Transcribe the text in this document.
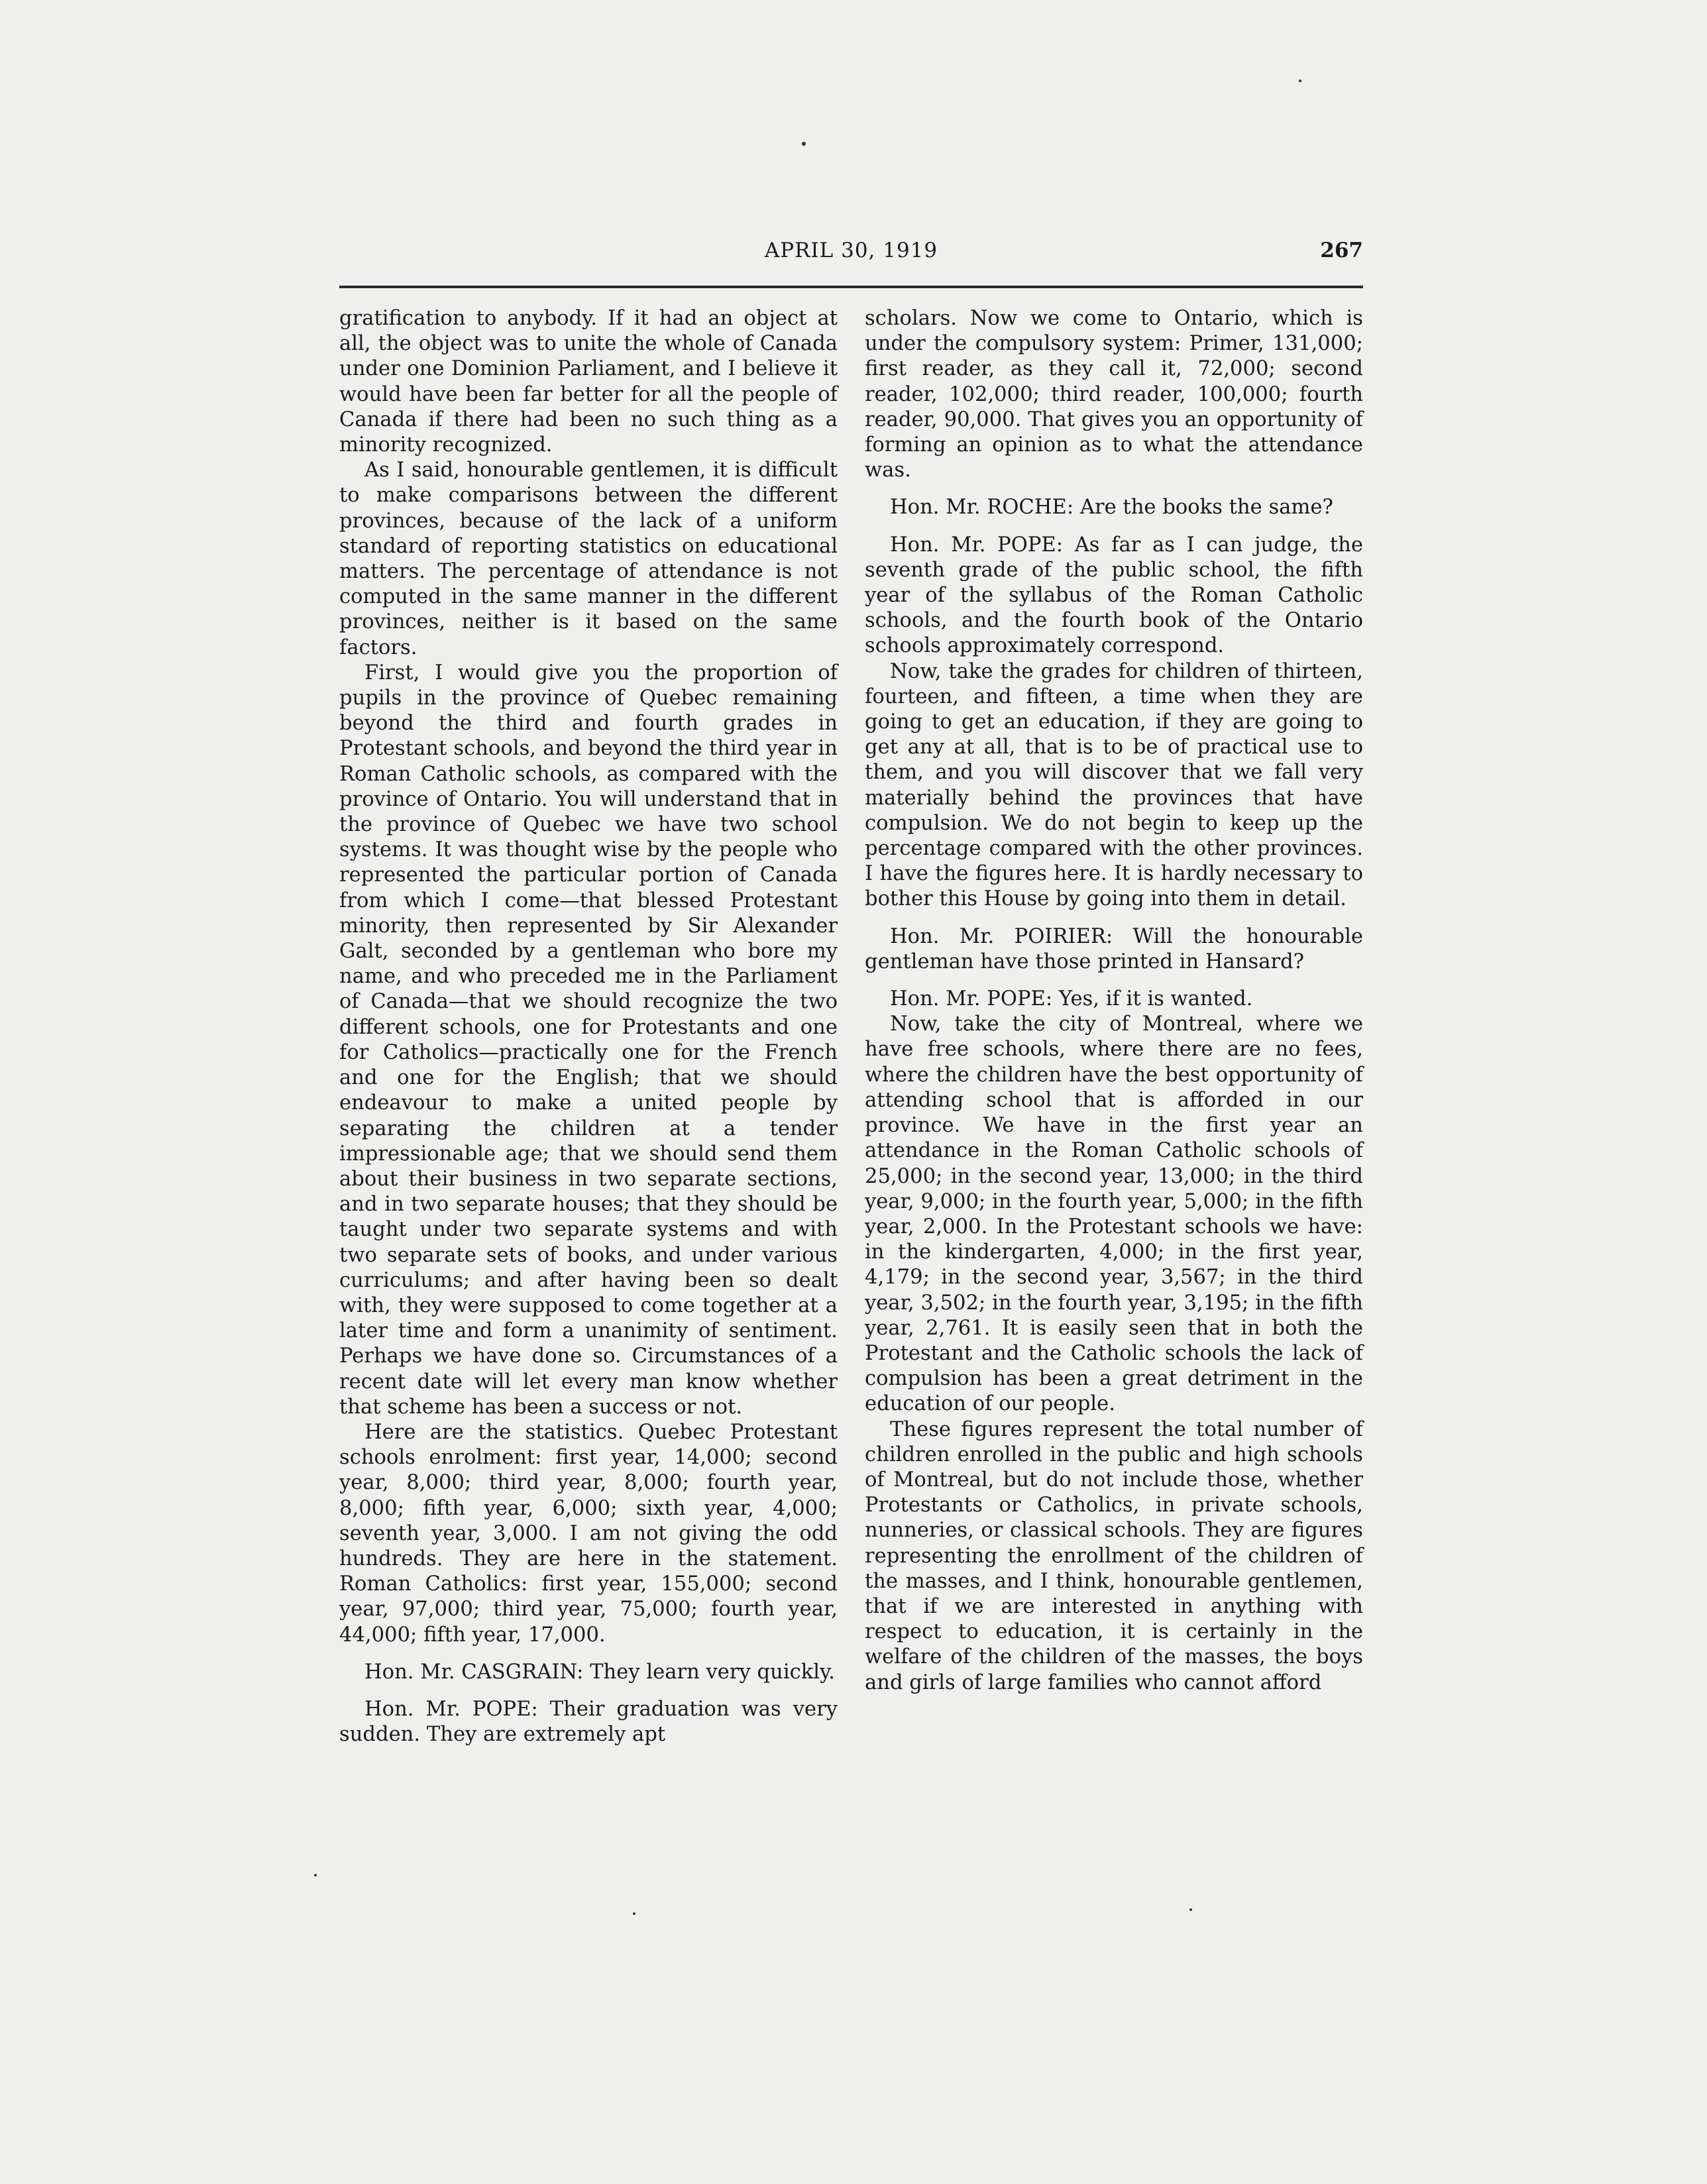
APRIL 30, 1919	267

gratification to anybody. If it had an object at all, the object was to unite the whole of Canada under one Dominion Parliament, and I believe it would have been far better for all the people of Canada if there had been no such thing as a minority recognized.

As I said, honourable gentlemen, it is difficult to make comparisons between the different provinces, because of the lack of a uniform standard of reporting statistics on educational matters. The percentage of attendance is not computed in the same manner in the different provinces, neither is it based on the same factors.

First, I would give you the proportion of pupils in the province of Quebec remaining beyond the third and fourth grades in Protestant schools, and beyond the third year in Roman Catholic schools, as compared with the province of Ontario. You will understand that in the province of Quebec we have two school systems. It was thought wise by the people who represented the particular portion of Canada from which I come—that blessed Protestant minority, then represented by Sir Alexander Galt, seconded by a gentleman who bore my name, and who preceded me in the Parliament of Canada—that we should recognize the two different schools, one for Protestants and one for Catholics—practically one for the French and one for the English; that we should endeavour to make a united people by separating the children at a tender impressionable age; that we should send them about their business in two separate sections, and in two separate houses; that they should be taught under two separate systems and with two separate sets of books, and under various curriculums; and after having been so dealt with, they were supposed to come together at a later time and form a unanimity of sentiment. Perhaps we have done so. Circumstances of a recent date will let every man know whether that scheme has been a success or not.

Here are the statistics. Quebec Protestant schools enrolment: first year, 14,000; second year, 8,000; third year, 8,000; fourth year, 8,000; fifth year, 6,000; sixth year, 4,000; seventh year, 3,000. I am not giving the odd hundreds. They are here in the statement. Roman Catholics: first year, 155,000; second year, 97,000; third year, 75,000; fourth year, 44,000; fifth year, 17,000.

Hon. Mr. CASGRAIN: They learn very quickly.

Hon. Mr. POPE: Their graduation was very sudden. They are extremely apt

scholars. Now we come to Ontario, which is under the compulsory system: Primer, 131,000; first reader, as they call it, 72,000; second reader, 102,000; third reader, 100,000; fourth reader, 90,000. That gives you an opportunity of forming an opinion as to what the attendance was.

Hon. Mr. ROCHE: Are the books the same?

Hon. Mr. POPE: As far as I can judge, the seventh grade of the public school, the fifth year of the syllabus of the Roman Catholic schools, and the fourth book of the Ontario schools approximately correspond.

Now, take the grades for children of thirteen, fourteen, and fifteen, a time when they are going to get an education, if they are going to get any at all, that is to be of practical use to them, and you will discover that we fall very materially behind the provinces that have compulsion. We do not begin to keep up the percentage compared with the other provinces. I have the figures here. It is hardly necessary to bother this House by going into them in detail.

Hon. Mr. POIRIER: Will the honourable gentleman have those printed in Hansard?

Hon. Mr. POPE: Yes, if it is wanted.

Now, take the city of Montreal, where we have free schools, where there are no fees, where the children have the best opportunity of attending school that is afforded in our province. We have in the first year an attendance in the Roman Catholic schools of 25,000; in the second year, 13,000; in the third year, 9,000; in the fourth year, 5,000; in the fifth year, 2,000. In the Protestant schools we have: in the kindergarten, 4,000; in the first year, 4,179; in the second year, 3,567; in the third year, 3,502; in the fourth year, 3,195; in the fifth year, 2,761. It is easily seen that in both the Protestant and the Catholic schools the lack of compulsion has been a great detriment in the education of our people.

These figures represent the total number of children enrolled in the public and high schools of Montreal, but do not include those, whether Protestants or Catholics, in private schools, nunneries, or classical schools. They are figures representing the enrollment of the children of the masses, and I think, honourable gentlemen, that if we are interested in anything with respect to education, it is certainly in the welfare of the children of the masses, the boys and girls of large families who cannot afford
